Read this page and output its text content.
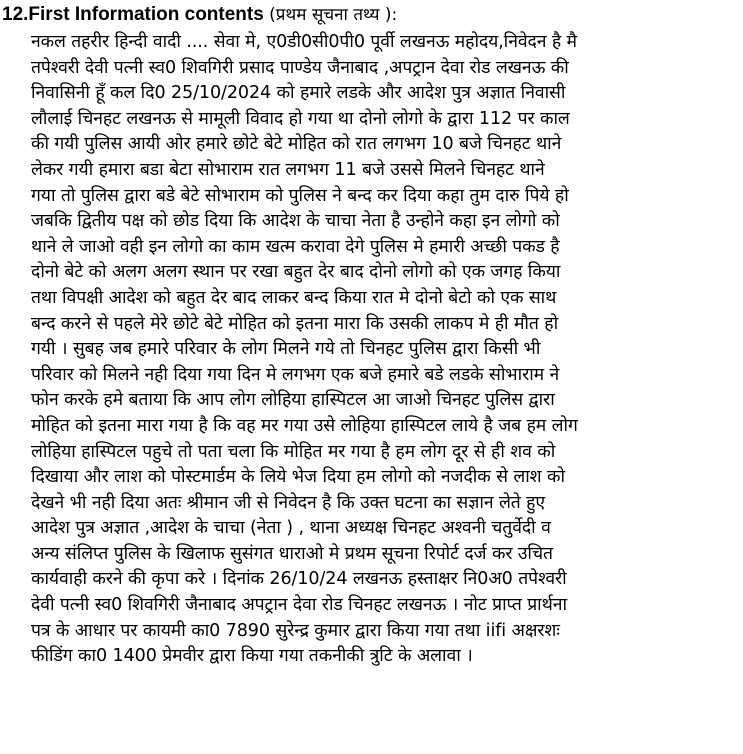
12.First Information contents (प्रथम सूचना तथ्य ):
नकल तहरीर हिन्दी वादी .... सेवा मे, ए0डी0सी0पी0 पूर्वी लखनऊ महोदय,निवेदन है मै
तपेश्वरी देवी पत्नी स्व0 शिवगिरी प्रसाद पाण्डेय जैनाबाद ,अपट्रान देवा रोड लखनऊ की
निवासिनी हूँ कल दि0 25/10/2024 को हमारे लडके और आदेश पुत्र अज्ञात निवासी
लौलाई चिनहट लखनऊ से मामूली विवाद हो गया था दोनो लोगो के द्वारा 112 पर काल
की गयी पुलिस आयी ओर हमारे छोटे बेटे मोहित को रात लगभग 10 बजे चिनहट थाने
लेकर गयी हमारा बडा बेटा सोभाराम रात लगभग 11 बजे उससे मिलने चिनहट थाने
गया तो पुलिस द्वारा बडे बेटे सोभाराम को पुलिस ने बन्द कर दिया कहा तुम दारु पिये हो
जबकि द्वितीय पक्ष को छोड दिया कि आदेश के चाचा नेता है उन्होने कहा इन लोगो को
थाने ले जाओ वही इन लोगो का काम खत्म करावा देगे पुलिस मे हमारी अच्छी पकड है
दोनो बेटे को अलग अलग स्थान पर रखा बहुत देर बाद दोनो लोगो को एक जगह किया
तथा विपक्षी आदेश को बहुत देर बाद लाकर बन्द किया रात मे दोनो बेटो को एक साथ
बन्द करने से पहले मेरे छोटे बेटे मोहित को इतना मारा कि उसकी लाकप मे ही मौत हो
गयी । सुबह जब हमारे परिवार के लोग मिलने गये तो चिनहट पुलिस द्वारा किसी भी
परिवार को मिलने नही दिया गया दिन मे लगभग एक बजे हमारे बडे लडके सोभाराम ने
फोन करके हमे बताया कि आप लोग लोहिया हास्पिटल आ जाओ चिनहट पुलिस द्वारा
मोहित को इतना मारा गया है कि वह मर गया उसे लोहिया हास्पिटल लाये है जब हम लोग
लोहिया हास्पिटल पहुचे तो पता चला कि मोहित मर गया है हम लोग दूर से ही शव को
दिखाया और लाश को पोस्टमार्डम के लिये भेज दिया हम लोगो को नजदीक से लाश को
देखने भी नही दिया अतः श्रीमान जी से निवेदन है कि उक्त घटना का सज्ञान लेते हुए
आदेश पुत्र अज्ञात ,आदेश के चाचा (नेता ) , थाना अध्यक्ष चिनहट अश्वनी चतुर्वेदी व
अन्य संलिप्त पुलिस के खिलाफ सुसंगत धाराओ मे प्रथम सूचना रिपोर्ट दर्ज कर उचित
कार्यवाही करने की कृपा करे । दिनांक 26/10/24 लखनऊ हस्ताक्षर नि0अ0 तपेश्वरी
देवी पत्नी स्व0 शिवगिरी जैनाबाद अपट्रान देवा रोड चिनहट लखनऊ । नोट प्राप्त प्रार्थना
पत्र के आधार पर कायमी का0 7890 सुरेन्द्र कुमार द्वारा किया गया तथा iifi अक्षरशः
फीडिंग का0 1400 प्रेमवीर द्वारा किया गया तकनीकी त्रुटि के अलावा ।
